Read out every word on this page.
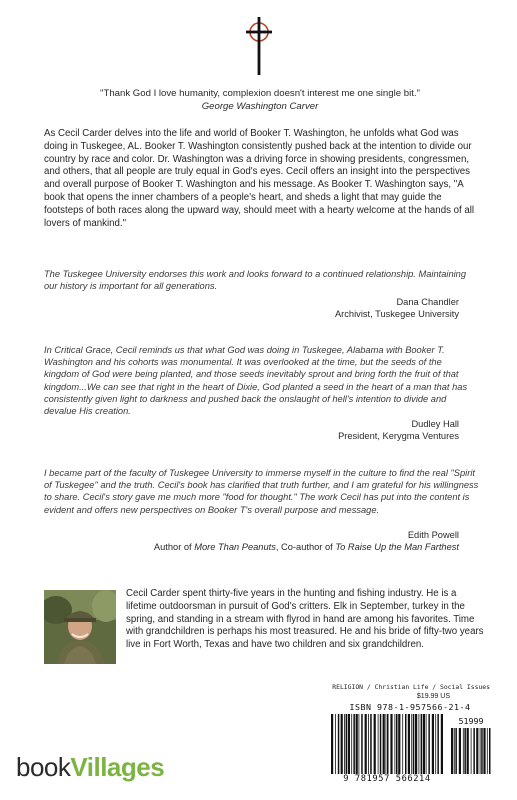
"Thank God I love humanity, complexion doesn't interest me one single bit."
George Washington Carver
As Cecil Carder delves into the life and world of Booker T. Washington, he unfolds what God was doing in Tuskegee, AL. Booker T. Washington consistently pushed back at the intention to divide our country by race and color. Dr. Washington was a driving force in showing presidents, congressmen, and others, that all people are truly equal in God's eyes. Cecil offers an insight into the perspectives and overall purpose of Booker T. Washington and his message. As Booker T. Washington says, "A book that opens the inner chambers of a people's heart, and sheds a light that may guide the footsteps of both races along the upward way, should meet with a hearty welcome at the hands of all lovers of mankind."
The Tuskegee University endorses this work and looks forward to a continued relationship. Maintaining our history is important for all generations.
Dana Chandler
Archivist, Tuskegee University
In Critical Grace, Cecil reminds us that what God was doing in Tuskegee, Alabama with Booker T. Washington and his cohorts was monumental. It was overlooked at the time, but the seeds of the kingdom of God were being planted, and those seeds inevitably sprout and bring forth the fruit of that kingdom...We can see that right in the heart of Dixie, God planted a seed in the heart of a man that has consistently given light to darkness and pushed back the onslaught of hell's intention to divide and devalue His creation.
Dudley Hall
President, Kerygma Ventures
I became part of the faculty of Tuskegee University to immerse myself in the culture to find the real "Spirit of Tuskegee" and the truth. Cecil's book has clarified that truth further, and I am grateful for his willingness to share. Cecil's story gave me much more "food for thought." The work Cecil has put into the content is evident and offers new perspectives on Booker T's overall purpose and message.
Edith Powell
Author of More Than Peanuts, Co-author of To Raise Up the Man Farthest
Cecil Carder spent thirty-five years in the hunting and fishing industry. He is a lifetime outdoorsman in pursuit of God's critters. Elk in September, turkey in the spring, and standing in a stream with flyrod in hand are among his favorites. Time with grandchildren is perhaps his most treasured. He and his bride of fifty-two years live in Fort Worth, Texas and have two children and six grandchildren.
RELIGION / Christian Life / Social Issues
$19.99 US
ISBN 978-1-957566-21-4
51999
9 781957 566214
bookVillages
